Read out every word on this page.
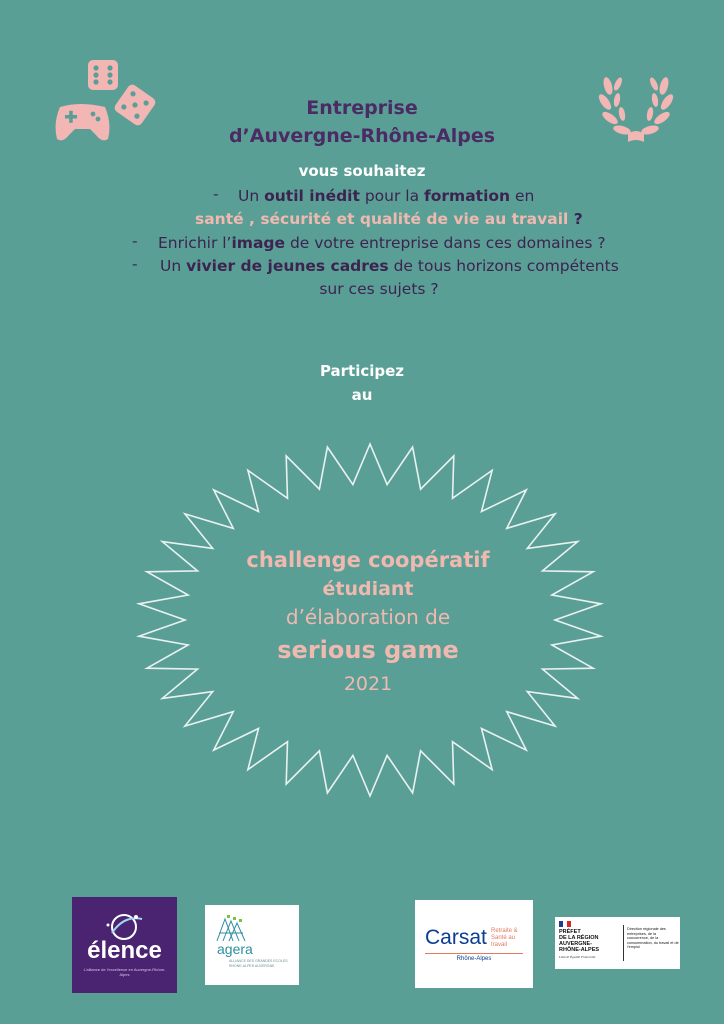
Entreprise
d’Auvergne-Rhône-Alpes
vous souhaitez
- Un outil inédit pour la formation en
santé , sécurité et qualité de vie au travail ?
- Enrichir l’image de votre entreprise dans ces domaines ?
- Un vivier de jeunes cadres de tous horizons compétents
sur ces sujets ?
Participez
au
challenge coopératif
étudiant
d’élaboration de
serious game
2021
élence
L’alliance de l’excellence en Auvergne-Rhône-Alpes
agera
ALLIANCE DES GRANDES ECOLES RHONE-ALPES AUVERGNE
Carsat Retraite & Santé au travail
Rhône-Alpes
PRÉFET
DE LA RÉGION
AUVERGNE-
RHÔNE-ALPES
Liberté Égalité Fraternité
Direction régionale des entreprises, de la concurrence, de la consommation, du travail et de l’emploi
